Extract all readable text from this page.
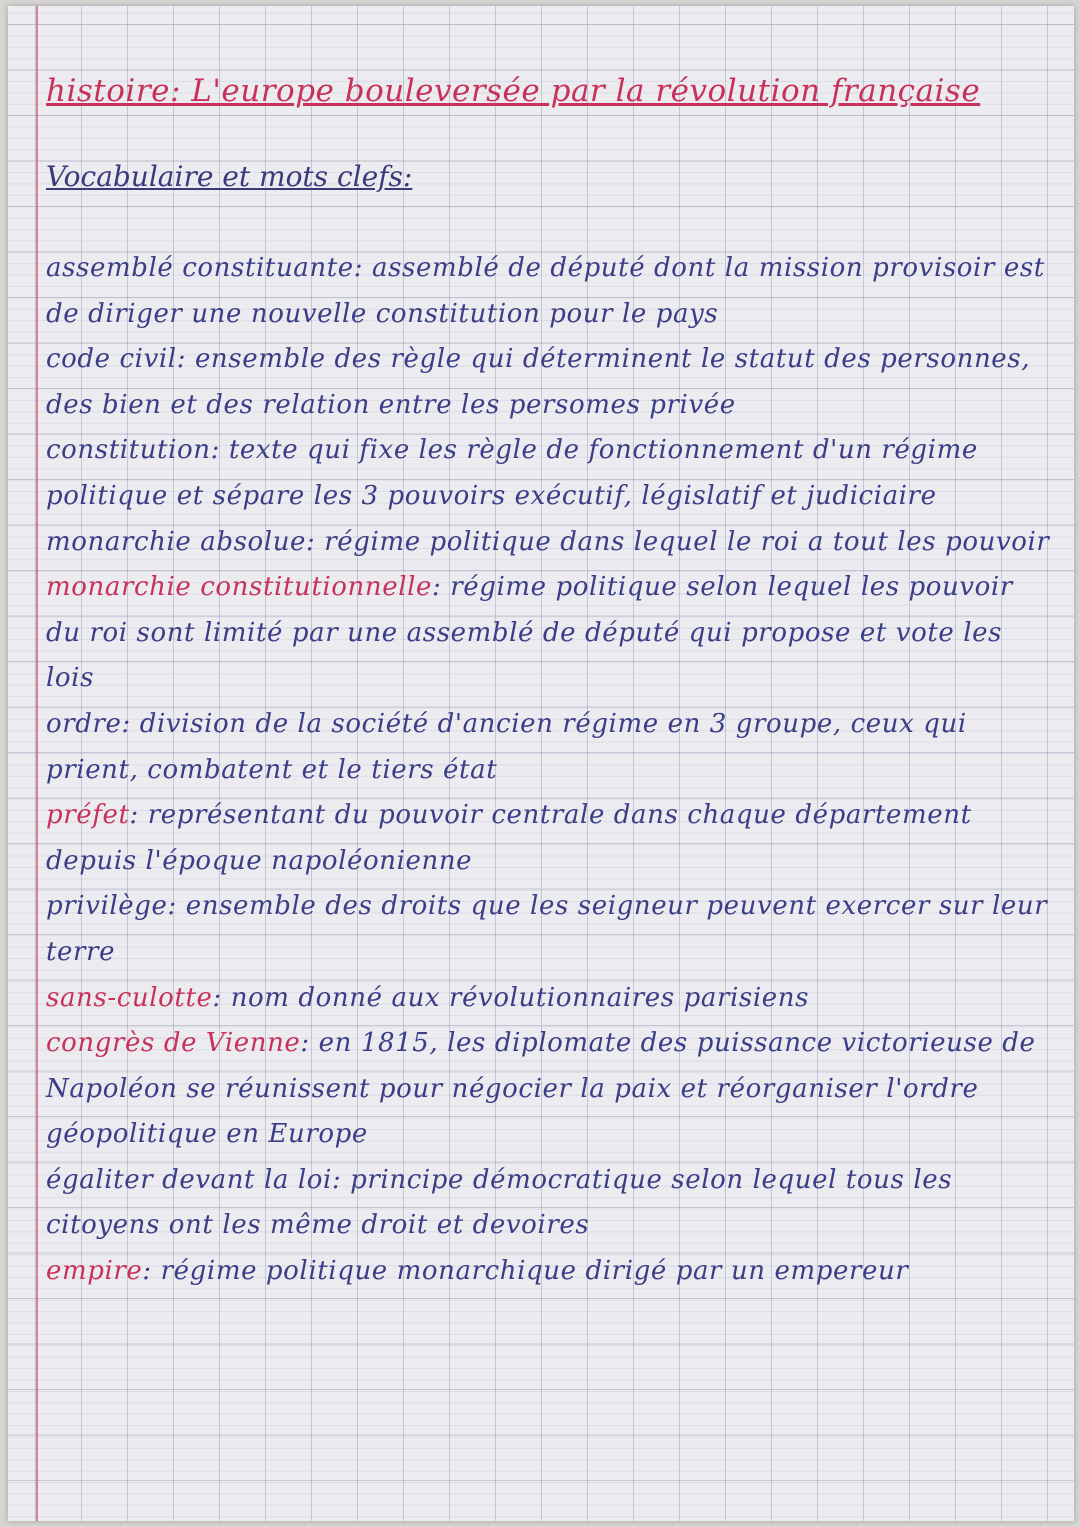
histoire: L'europe bouleversée par la révolution française
Vocabulaire et mots clefs:
assemblé constituante: assemblé de député dont la mission provisoir est de diriger une nouvelle constitution pour le pays
code civil: ensemble des règle qui déterminent le statut des personnes, des bien et des relation entre les persomes privée
constitution: texte qui fixe les règle de fonctionnement d'un régime politique et sépare les 3 pouvoirs exécutif, législatif et judiciaire
monarchie absolue: régime politique dans lequel le roi a tout les pouvoir
monarchie constitutionnelle: régime politique selon lequel les pouvoir du roi sont limité par une assemblé de député qui propose et vote les lois
ordre: division de la société d'ancien régime en 3 groupe, ceux qui prient, combatent et le tiers état
préfet: représentant du pouvoir centrale dans chaque département depuis l'époque napoléonienne
privilège: ensemble des droits que les seigneur peuvent exercer sur leur terre
sans-culotte: nom donné aux révolutionnaires parisiens
congrès de Vienne: en 1815, les diplomate des puissance victorieuse de Napoléon se réunissent pour négocier la paix et réorganiser l'ordre géopolitique en Europe
égaliter devant la loi: principe démocratique selon lequel tous les citoyens ont les même droit et devoires
empire: régime politique monarchique dirigé par un empereur
